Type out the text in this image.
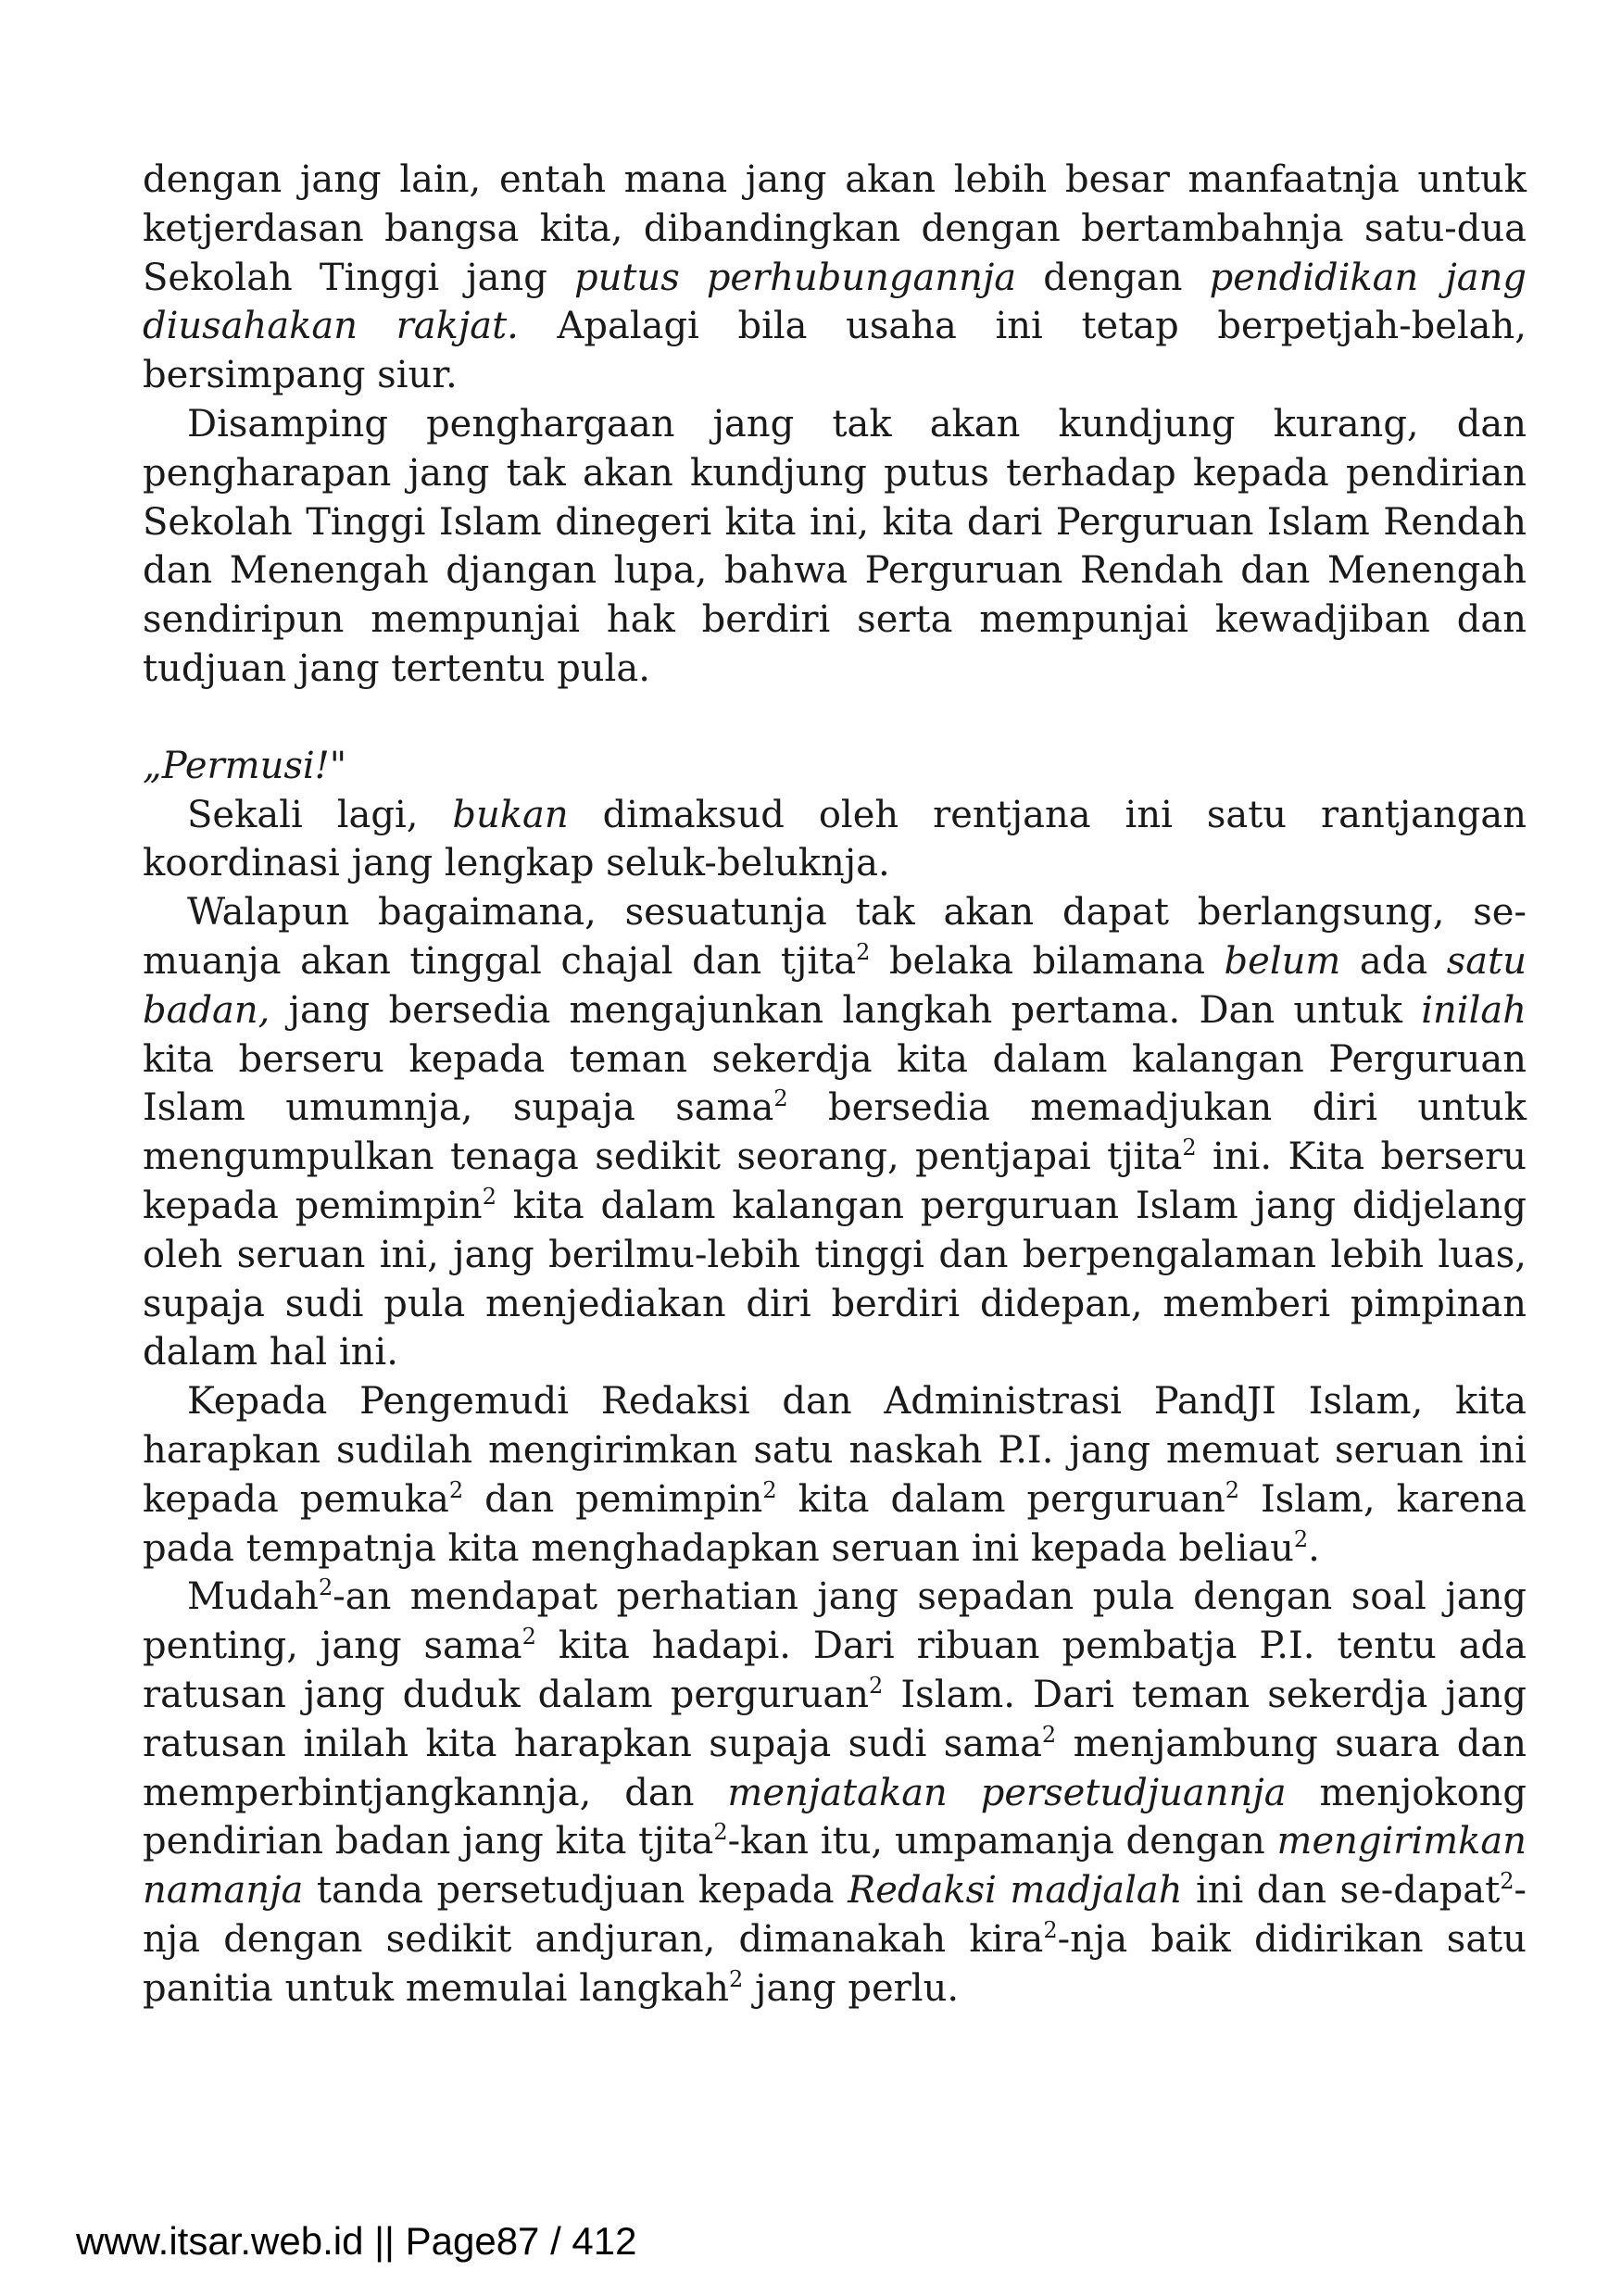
dengan jang lain, entah mana jang akan lebih besar manfaatnja untuk ketjerdasan bangsa kita, dibandingkan dengan bertambahnja satu-dua Sekolah Tinggi jang putus perhubungannja dengan pendidikan jang diusahakan rakjat. Apalagi bila usaha ini tetap berpetjah-belah, bersimpang siur.

Disamping penghargaan jang tak akan kundjung kurang, dan pengharapan jang tak akan kundjung putus terhadap kepada pendirian Sekolah Tinggi Islam dinegeri kita ini, kita dari Perguruan Islam Rendah dan Menengah djangan lupa, bahwa Perguruan Rendah dan Menengah sendiripun mempunjai hak berdiri serta mempunjai kewadjiban dan tudjuan jang tertentu pula.

„Permusi!"

Sekali lagi, bukan dimaksud oleh rentjana ini satu rantjangan koordinasi jang lengkap seluk-beluknja.

Walapun bagaimana, sesuatunja tak akan dapat berlangsung, semuanja akan tinggal chajal dan tjita$^2$ belaka bilamana belum ada satu badan, jang bersedia mengajunkan langkah pertama. Dan untuk inilah kita berseru kepada teman sekerdja kita dalam kalangan Perguruan Islam umumnja, supaja sama$^2$ bersedia memadjukan diri untuk mengumpulkan tenaga sedikit seorang, pentjapai tjita$^2$ ini. Kita berseru kepada pemimpin$^2$ kita dalam kalangan perguruan Islam jang didjelang oleh seruan ini, jang berilmu-lebih tinggi dan berpengalaman lebih luas, supaja sudi pula menjediakan diri berdiri didepan, memberi pimpinan dalam hal ini.

Kepada Pengemudi Redaksi dan Administrasi PandJI Islam, kita harapkan sudilah mengirimkan satu naskah P.I. jang memuat seruan ini kepada pemuka$^2$ dan pemimpin$^2$ kita dalam perguruan$^2$ Islam, karena pada tempatnja kita menghadapkan seruan ini kepada beliau$^2$.

Mudah$^2$-an mendapat perhatian jang sepadan pula dengan soal jang penting, jang sama$^2$ kita hadapi. Dari ribuan pembatja P.I. tentu ada ratusan jang duduk dalam perguruan$^2$ Islam. Dari teman sekerdja jang ratusan inilah kita harapkan supaja sudi sama$^2$ menjambung suara dan memperbintjangkannja, dan menjatakan persetudjuannja menjokong pendirian badan jang kita tjita$^2$-kan itu, umpamanja dengan mengirimkan namanja tanda persetudjuan kepada Redaksi madjalah ini dan se-dapat$^2$-nja dengan sedikit andjuran, dimanakah kira$^2$-nja baik didirikan satu panitia untuk memulai langkah$^2$ jang perlu.

www.itsar.web.id || Page87 / 412
